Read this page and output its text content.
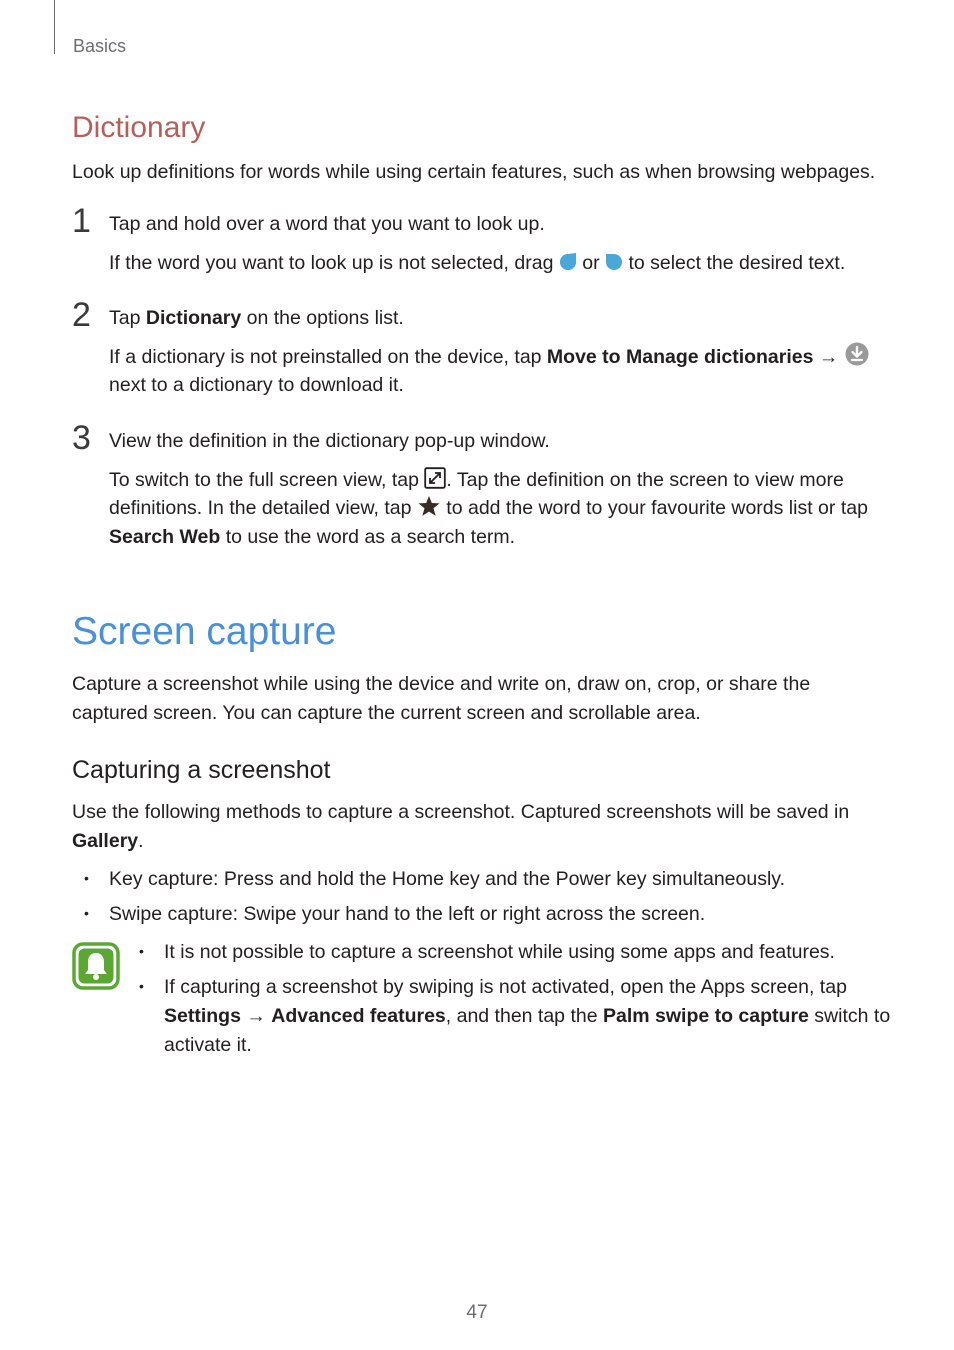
Basics
Dictionary
Look up definitions for words while using certain features, such as when browsing webpages.
1 Tap and hold over a word that you want to look up.
If the word you want to look up is not selected, drag  or  to select the desired text.
2 Tap Dictionary on the options list.
If a dictionary is not preinstalled on the device, tap Move to Manage dictionaries →
next to a dictionary to download it.
3 View the definition in the dictionary pop-up window.
To switch to the full screen view, tap . Tap the definition on the screen to view more
definitions. In the detailed view, tap  to add the word to your favourite words list or tap
Search Web to use the word as a search term.
Screen capture
Capture a screenshot while using the device and write on, draw on, crop, or share the
captured screen. You can capture the current screen and scrollable area.
Capturing a screenshot
Use the following methods to capture a screenshot. Captured screenshots will be saved in
Gallery.
• Key capture: Press and hold the Home key and the Power key simultaneously.
• Swipe capture: Swipe your hand to the left or right across the screen.
• It is not possible to capture a screenshot while using some apps and features.
• If capturing a screenshot by swiping is not activated, open the Apps screen, tap
Settings → Advanced features, and then tap the Palm swipe to capture switch to
activate it.
47
